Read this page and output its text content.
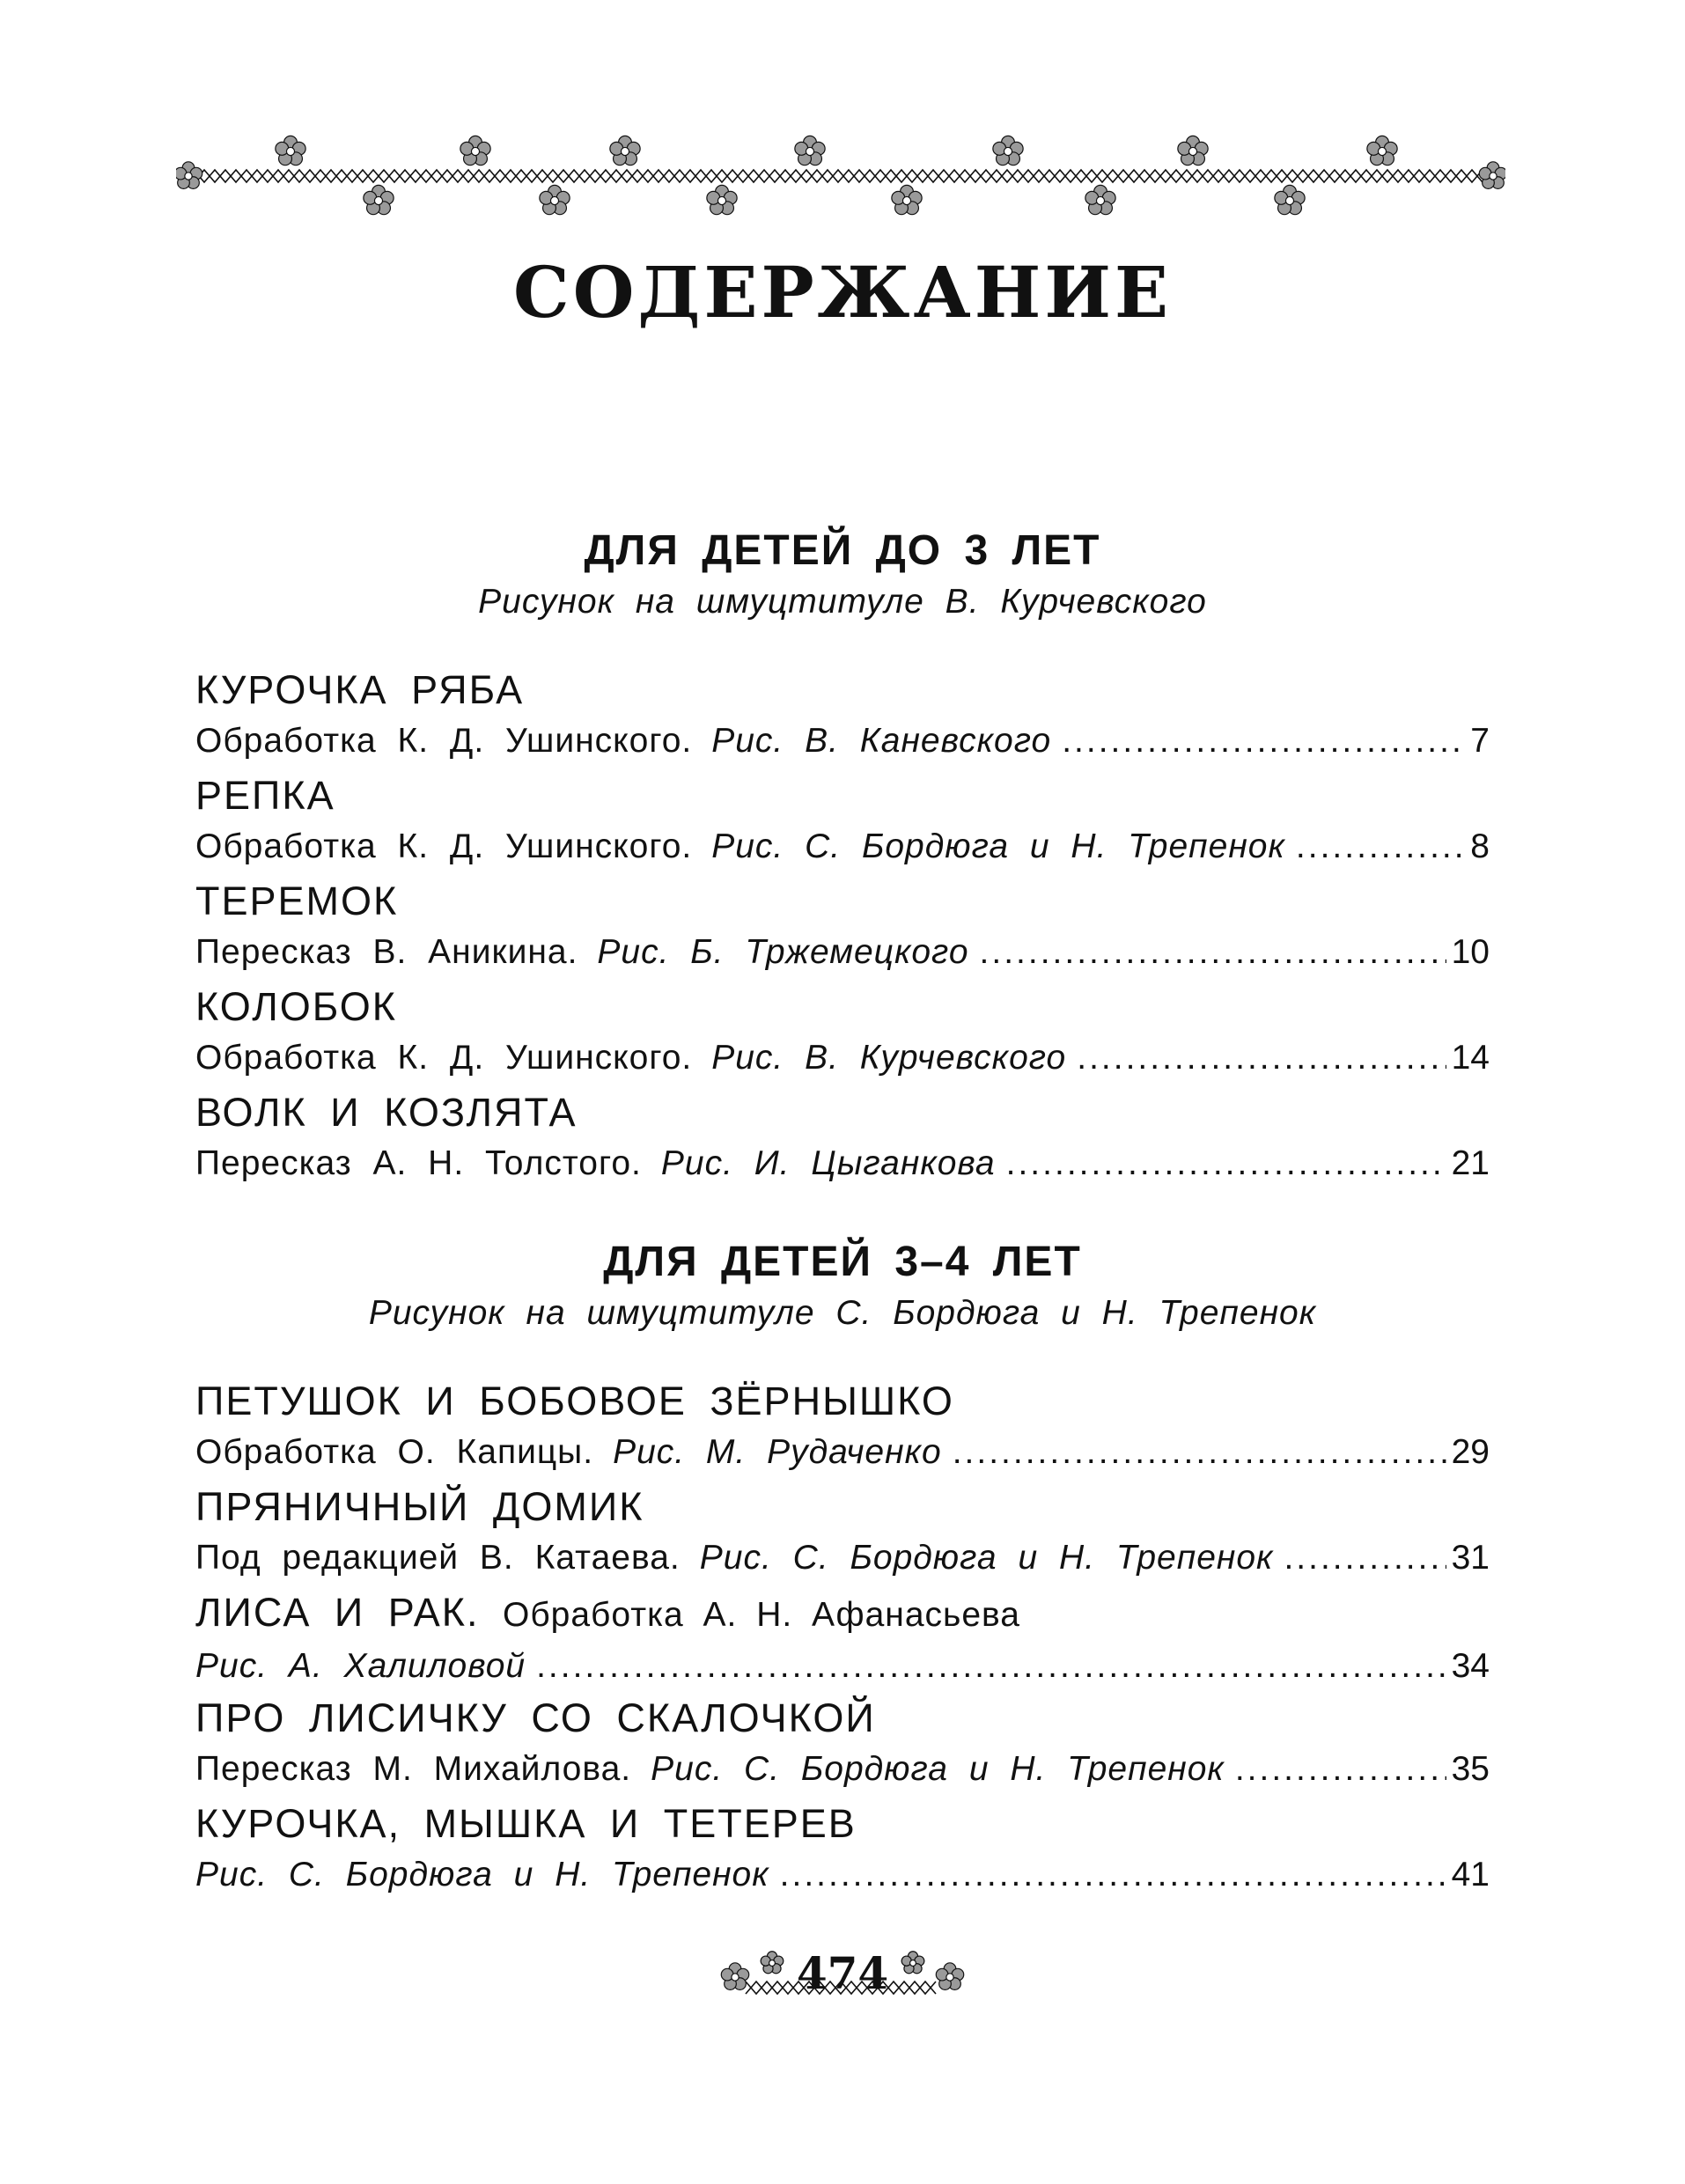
СОДЕРЖАНИЕ
ДЛЯ ДЕТЕЙ ДО 3 ЛЕТ
Рисунок на шмуцтитуле В. Курчевского
КУРОЧКА РЯБА
Обработка К. Д. Ушинского. Рис. В. Каневского .....	7
РЕПКА
Обработка К. Д. Ушинского. Рис. С. Бордюга и Н. Трепенок .....	8
ТЕРЕМОК
Пересказ В. Аникина. Рис. Б. Тржемецкого .....	10
КОЛОБОК
Обработка К. Д. Ушинского. Рис. В. Курчевского .....	14
ВОЛК И КОЗЛЯТА
Пересказ А. Н. Толстого. Рис. И. Цыганкова .....	21
ДЛЯ ДЕТЕЙ 3–4 ЛЕТ
Рисунок на шмуцтитуле С. Бордюга и Н. Трепенок
ПЕТУШОК И БОБОВОЕ ЗЁРНЫШКО
Обработка О. Капицы. Рис. М. Рудаченко .....	29
ПРЯНИЧНЫЙ ДОМИК
Под редакцией В. Катаева. Рис. С. Бордюга и Н. Трепенок .....	31
ЛИСА И РАК. Обработка А. Н. Афанасьева
Рис. А. Халиловой .....	34
ПРО ЛИСИЧКУ СО СКАЛОЧКОЙ
Пересказ М. Михайлова. Рис. С. Бордюга и Н. Трепенок .....	35
КУРОЧКА, МЫШКА И ТЕТЕРЕВ
Рис. С. Бордюга и Н. Трепенок .....	41
474
